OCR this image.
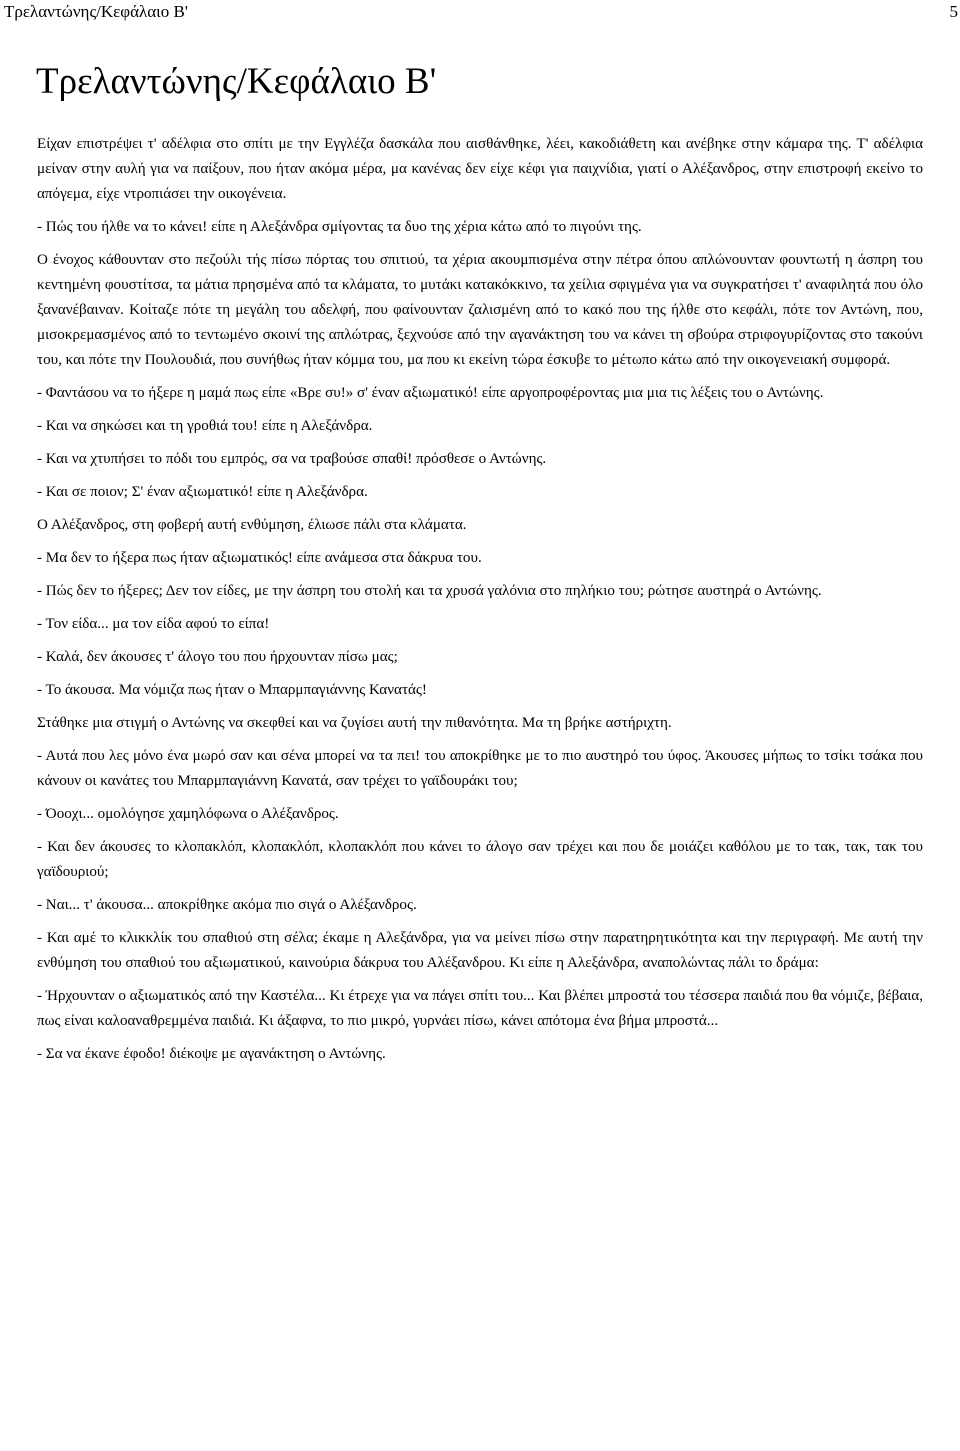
Τρελαντώνης/Κεφάλαιο Β'	5
Τρελαντώνης/Κεφάλαιο Β'

Είχαν επιστρέψει τ' αδέλφια στο σπίτι με την Εγγλέζα δασκάλα που αισθάνθηκε, λέει, κακοδιάθετη και ανέβηκε στην κάμαρα της. Τ' αδέλφια μείναν στην αυλή για να παίξουν, που ήταν ακόμα μέρα, μα κανένας δεν είχε κέφι για παιχνίδια, γιατί ο Αλέξανδρος, στην επιστροφή εκείνο το απόγεμα, είχε ντροπιάσει την οικογένεια.

- Πώς του ήλθε να το κάνει! είπε η Αλεξάνδρα σμίγοντας τα δυο της χέρια κάτω από το πιγούνι της.

Ο ένοχος κάθουνταν στο πεζούλι τής πίσω πόρτας του σπιτιού, τα χέρια ακουμπισμένα στην πέτρα όπου απλώνουνταν φουντωτή η άσπρη του κεντημένη φουστίτσα, τα μάτια πρησμένα από τα κλάματα, το μυτάκι κατακόκκινο, τα χείλια σφιγμένα για να συγκρατήσει τ' αναφιλητά που όλο ξανανέβαιναν. Κοίταζε πότε τη μεγάλη του αδελφή, που φαίνουνταν ζαλισμένη από το κακό που της ήλθε στο κεφάλι, πότε τον Αντώνη, που, μισοκρεμασμένος από το τεντωμένο σκοινί της απλώτρας, ξεχνούσε από την αγανάκτηση του να κάνει τη σβούρα στριφογυρίζοντας στο τακούνι του, και πότε την Πουλουδιά, που συνήθως ήταν κόμμα του, μα που κι εκείνη τώρα έσκυβε το μέτωπο κάτω από την οικογενειακή συμφορά.

- Φαντάσου να το ήξερε η μαμά πως είπε «Βρε συ!» σ' έναν αξιωματικό! είπε αργοπροφέροντας μια μια τις λέξεις του ο Αντώνης.

- Και να σηκώσει και τη γροθιά του! είπε η Αλεξάνδρα.

- Και να χτυπήσει το πόδι του εμπρός, σα να τραβούσε σπαθί! πρόσθεσε ο Αντώνης.

- Και σε ποιον; Σ' έναν αξιωματικό! είπε η Αλεξάνδρα.

Ο Αλέξανδρος, στη φοβερή αυτή ενθύμηση, έλιωσε πάλι στα κλάματα.

- Μα δεν το ήξερα πως ήταν αξιωματικός! είπε ανάμεσα στα δάκρυα του.

- Πώς δεν το ήξερες; Δεν τον είδες, με την άσπρη του στολή και τα χρυσά γαλόνια στο πηλήκιο του; ρώτησε αυστηρά ο Αντώνης.

- Τον είδα... μα τον είδα αφού το είπα!

- Καλά, δεν άκουσες τ' άλογο του που ήρχουνταν πίσω μας;

- Το άκουσα. Μα νόμιζα πως ήταν ο Μπαρμπαγιάννης Κανατάς!

Στάθηκε μια στιγμή ο Αντώνης να σκεφθεί και να ζυγίσει αυτή την πιθανότητα. Μα τη βρήκε αστήριχτη.

- Αυτά που λες μόνο ένα μωρό σαν και σένα μπορεί να τα πει! του αποκρίθηκε με το πιο αυστηρό του ύφος. Άκουσες μήπως το τσίκι τσάκα που κάνουν οι κανάτες του Μπαρμπαγιάννη Κανατά, σαν τρέχει το γαϊδουράκι του;

- Όοοχι... ομολόγησε χαμηλόφωνα ο Αλέξανδρος.

- Και δεν άκουσες το κλοπακλόπ, κλοπακλόπ, κλοπακλόπ που κάνει το άλογο σαν τρέχει και που δε μοιάζει καθόλου με το τακ, τακ, τακ του γαϊδουριού;

- Ναι... τ' άκουσα... αποκρίθηκε ακόμα πιο σιγά ο Αλέξανδρος.

- Και αμέ το κλικκλίκ του σπαθιού στη σέλα; έκαμε η Αλεξάνδρα, για να μείνει πίσω στην παρατηρητικότητα και την περιγραφή. Με αυτή την ενθύμηση του σπαθιού του αξιωματικού, καινούρια δάκρυα του Αλέξανδρου. Κι είπε η Αλεξάνδρα, αναπολώντας πάλι το δράμα:

- Ήρχουνταν ο αξιωματικός από την Καστέλα... Κι έτρεχε για να πάγει σπίτι του... Και βλέπει μπροστά του τέσσερα παιδιά που θα νόμιζε, βέβαια, πως είναι καλοαναθρεμμένα παιδιά. Κι άξαφνα, το πιο μικρό, γυρνάει πίσω, κάνει απότομα ένα βήμα μπροστά...

- Σα να έκανε έφοδο! διέκοψε με αγανάκτηση ο Αντώνης.
